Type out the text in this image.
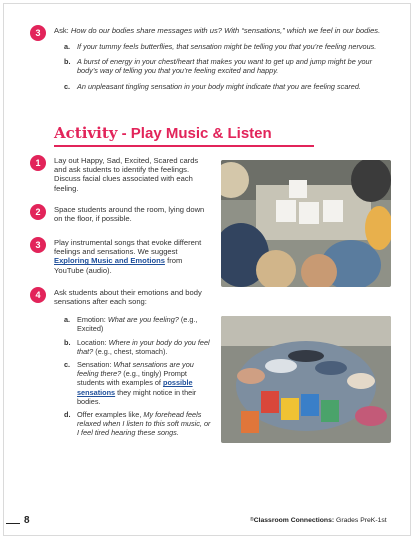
3	Ask: How do our bodies share messages with us? With “sensations,” which we feel in our bodies.
a. If your tummy feels butterflies, that sensation might be telling you that you’re feeling nervous.
b. A burst of energy in your chest/heart that makes you want to get up and jump might be your body’s way of telling you that you’re feeling excited and happy.
c. An unpleasant tingling sensation in your body might indicate that you are feeling scared.
Activity - Play Music & Listen
1	Lay out Happy, Sad, Excited, Scared cards and ask students to identify the feelings. Discuss facial clues associated with each feeling.
2	Space students around the room, lying down on the floor, if possible.
3	Play instrumental songs that evoke different feelings and sensations. We suggest Exploring Music and Emotions from YouTube (audio).
4	Ask students about their emotions and body sensations after each song:
a. Emotion: What are you feeling? (e.g., Excited)
b. Location: Where in your body do you feel that? (e.g., chest, stomach).
c. Sensation: What sensations are you feeling there? (e.g., tingly) Prompt students with examples of possible sensations they might notice in their bodies.
d. Offer examples like, My forehead feels relaxed when I listen to this soft music, or I feel tired hearing these songs.
8	®Classroom Connections: Grades PreK-1st
